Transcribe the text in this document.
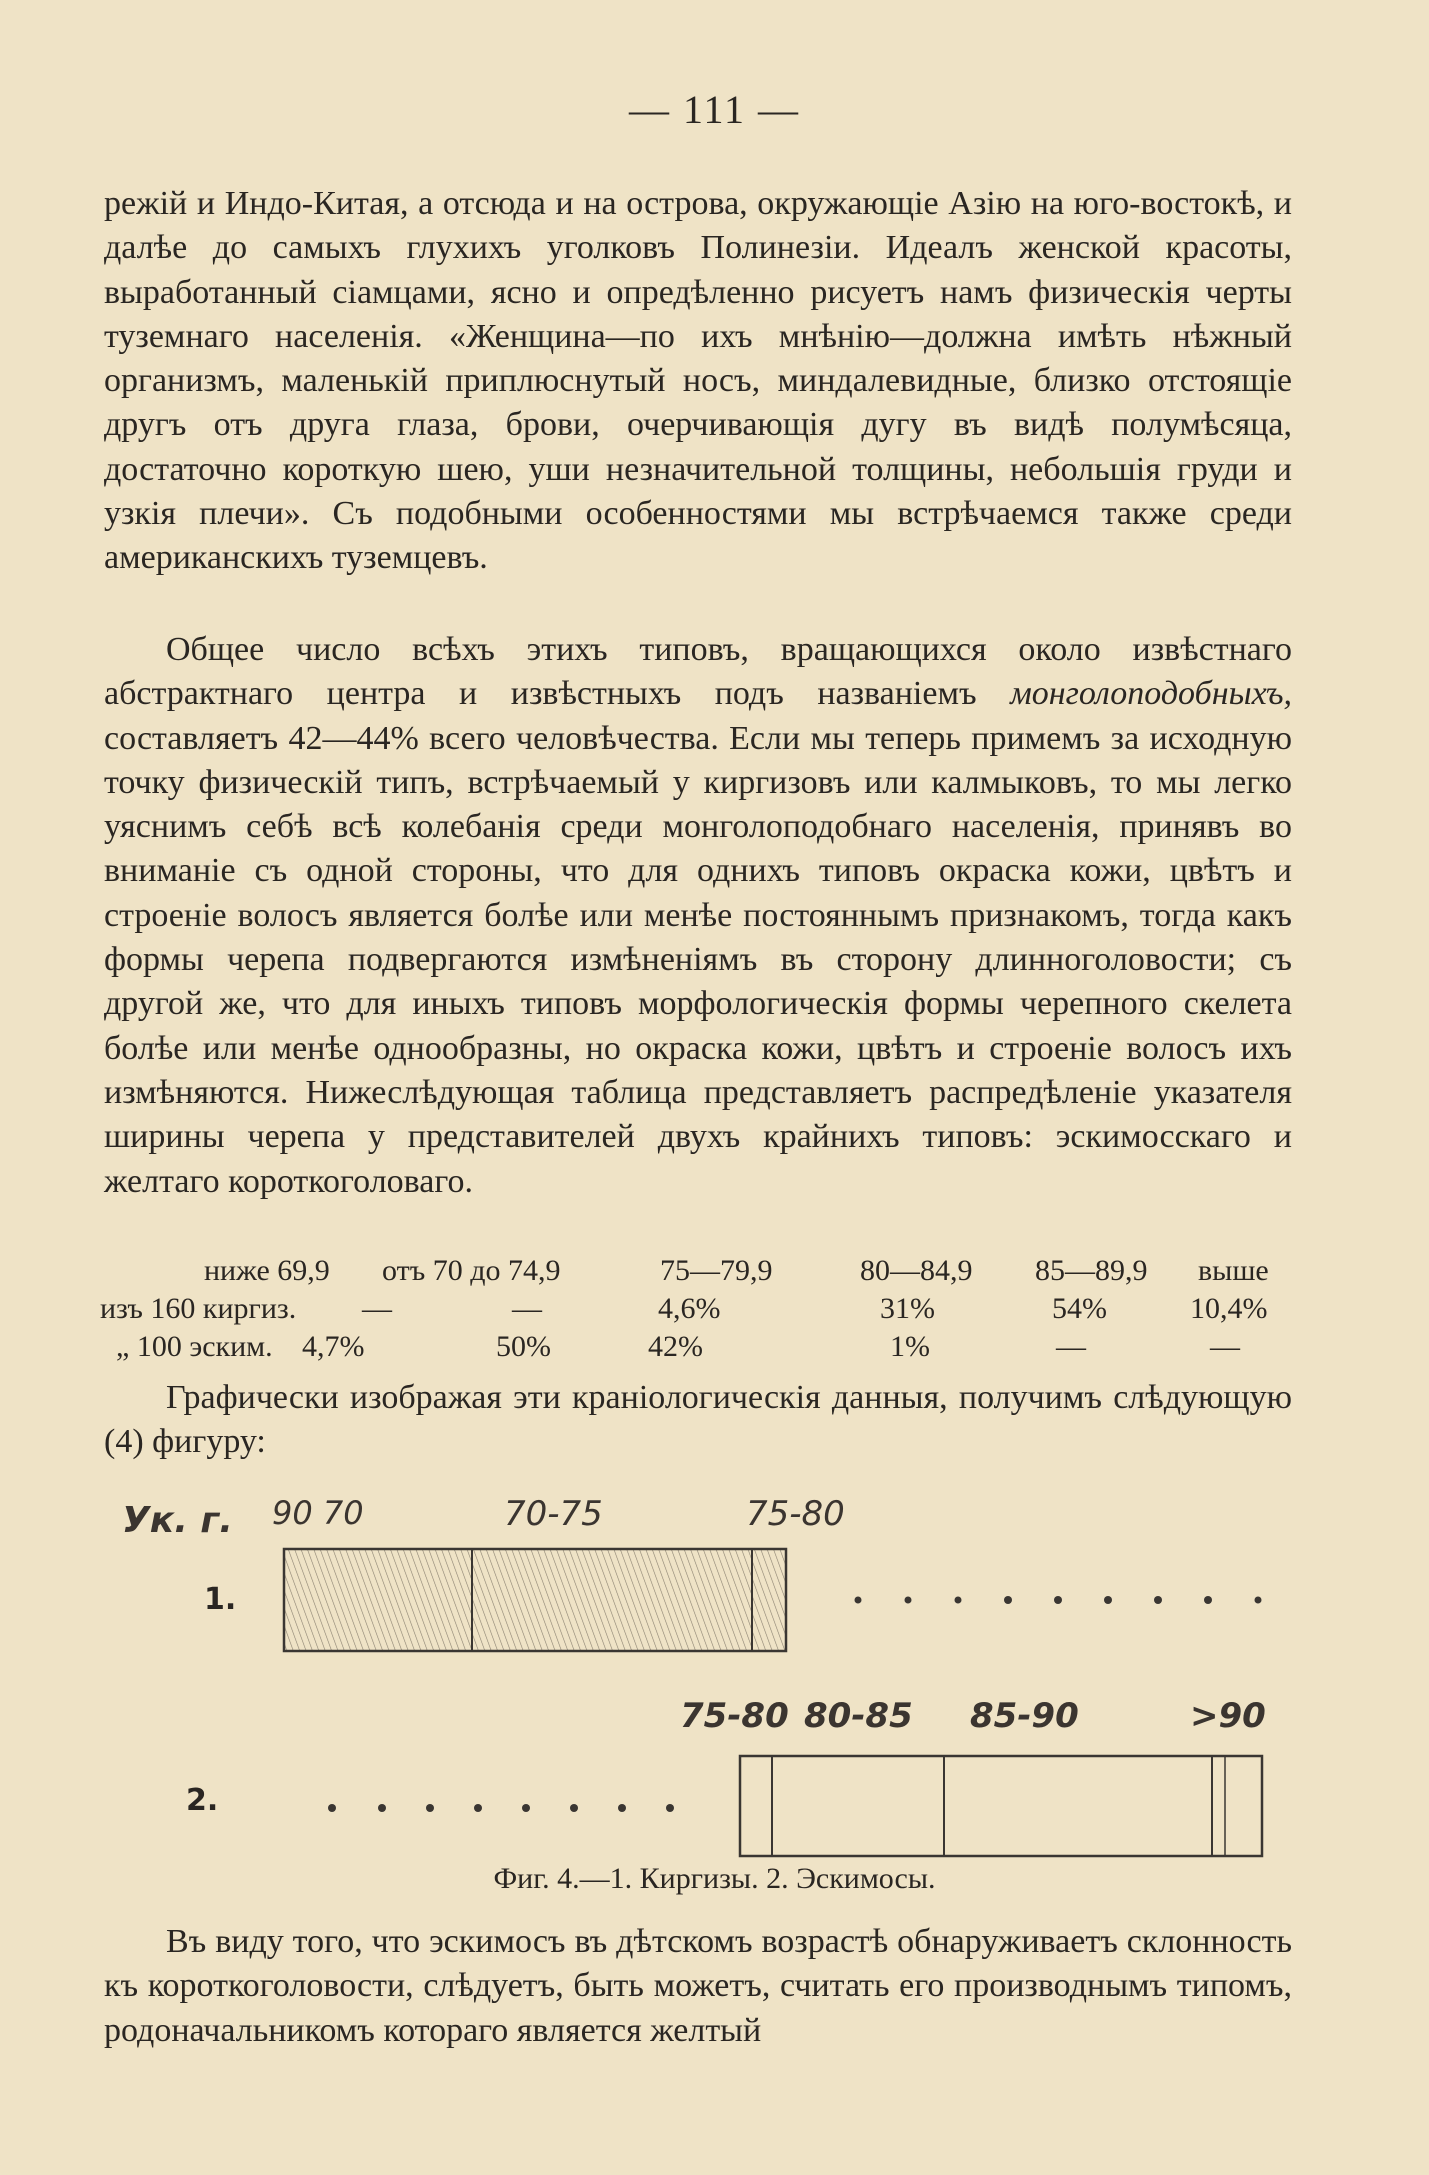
— 111 —

режій и Индо-Китая, а отсюда и на острова, окружающіе Азію на юго-востокѣ, и далѣе до самыхъ глухихъ уголковъ Полинезіи. Идеалъ женской красоты, выработанный сіамцами, ясно и опредѣленно рисуетъ намъ физическія черты туземнаго населенія. «Женщина—по ихъ мнѣнію—должна имѣть нѣжный организмъ, маленькій приплюснутый носъ, миндалевидные, близко отстоящіе другъ отъ друга глаза, брови, очерчивающія дугу въ видѣ полумѣсяца, достаточно короткую шею, уши незначительной толщины, небольшія груди и узкія плечи». Съ подобными особенностями мы встрѣчаемся также среди американскихъ туземцевъ.

Общее число всѣхъ этихъ типовъ, вращающихся около извѣстнаго абстрактнаго центра и извѣстныхъ подъ названіемъ монголоподобныхъ, составляетъ 42—44% всего человѣчества. Если мы теперь примемъ за исходную точку физическій типъ, встрѣчаемый у киргизовъ или калмыковъ, то мы легко уяснимъ себѣ всѣ колебанія среди монголоподобнаго населенія, принявъ во вниманіе съ одной стороны, что для однихъ типовъ окраска кожи, цвѣтъ и строеніе волосъ является болѣе или менѣе постояннымъ признакомъ, тогда какъ формы черепа подвергаются измѣненіямъ въ сторону длинноголовости; съ другой же, что для иныхъ типовъ морфологическія формы черепного скелета болѣе или менѣе однообразны, но окраска кожи, цвѣтъ и строеніе волосъ ихъ измѣняются. Нижеслѣдующая таблица представляетъ распредѣленіе указателя ширины черепа у представителей двухъ крайнихъ типовъ: эскимосскаго и желтаго короткоголоваго.

ниже 69,9 отъ 70 до 74,9	75—79,9	80—84,9 85—89,9 выше
изъ 160 киргиз. —	—	4,6%	31%	54%	10,4%
„ 100 эским. 4,7%	50%	42%	1%	—	—

Графически изображая эти краніологическія данныя, получимъ слѣдующую (4) фигуру:

Ук. г. 90 70	70-75	75-80
1.
75-80 80-85 85-90	>90
2.
Фиг. 4.—1. Киргизы. 2. Эскимосы.

Въ виду того, что эскимосъ въ дѣтскомъ возрастѣ обнаруживаетъ склонность къ короткоголовости, слѣдуетъ, быть можетъ, считать его производнымъ типомъ, родоначальникомъ котораго является желтый
